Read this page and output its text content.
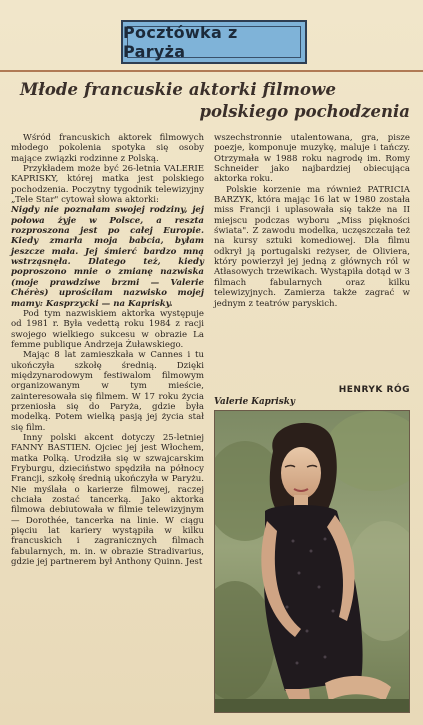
Pocztówka z Paryża
Młode francuskie aktorki filmowe
polskiego pochodzenia

Wśród francuskich aktorek filmowych młodego pokolenia spotyka się osoby mające związki rodzinne z Polską.

Przykładem może być 26-letnia VALERIE KAPRISKY, której matka jest polskiego pochodzenia. Poczytny tygodnik telewizyjny „Tele Star" cytował słowa aktorki:

Nigdy nie poznałam swojej rodziny, jej połowa żyje w Polsce, a reszta rozproszona jest po całej Europie. Kiedy zmarła moja babcia, byłam jeszcze mała. Jej śmierć bardzo mną wstrząsnęła. Dlatego też, kiedy poproszono mnie o zmianę nazwiska (moje prawdziwe brzmi — Valerie Chérès) uprościłam nazwisko mojej mamy: Kasprzycki — na Kaprisky.

Pod tym nazwiskiem aktorka występuje od 1981 r. Była vedettą roku 1984 z racji swojego wielkiego sukcesu w obrazie La femme publique Andrzeja Żuławskiego.

Mając 8 lat zamieszkała w Cannes i tu ukończyła szkołę średnią. Dzięki międzynarodowym festiwalom filmowym organizowanym w tym mieście, zainteresowała się filmem. W 17 roku życia przeniosła się do Paryża, gdzie była modelką. Potem wielką pasją jej życia stał się film.

Inny polski akcent dotyczy 25-letniej FANNY BASTIEN. Ojciec jej jest Włochem, matka Polką. Urodziła się w szwajcarskim Fryburgu, dzieciństwo spędziła na północy Francji, szkołę średnią ukończyła w Paryżu. Nie myślała o karierze filmowej, raczej chciała zostać tancerką. Jako aktorka filmowa debiutowała w filmie telewizyjnym — Dorothée, tancerka na linie. W ciągu pięciu lat kariery wystąpiła w kilku francuskich i zagranicznych filmach fabularnych, m. in. w obrazie Stradivarius, gdzie jej partnerem był Anthony Quinn. Jest

wszechstronnie utalentowana, gra, pisze poezje, komponuje muzykę, maluje i tańczy. Otrzymała w 1988 roku nagrodę im. Romy Schneider jako najbardziej obiecująca aktorka roku.

Polskie korzenie ma również PATRICIA BARZYK, która mając 16 lat w 1980 została miss Francji i uplasowała się także na II miejscu podczas wyboru „Miss piękności świata". Z zawodu modelka, uczęszczała też na kursy sztuki komediowej. Dla filmu odkrył ją portugalski reżyser, de Oliviera, który powierzył jej jedną z głównych ról w Atłasowych trzewikach. Wystąpiła dotąd w 3 filmach fabularnych oraz kilku telewizyjnych. Zamierza także zagrać w jednym z teatrów paryskich.

HENRYK RÓG
Valerie Kaprisky
